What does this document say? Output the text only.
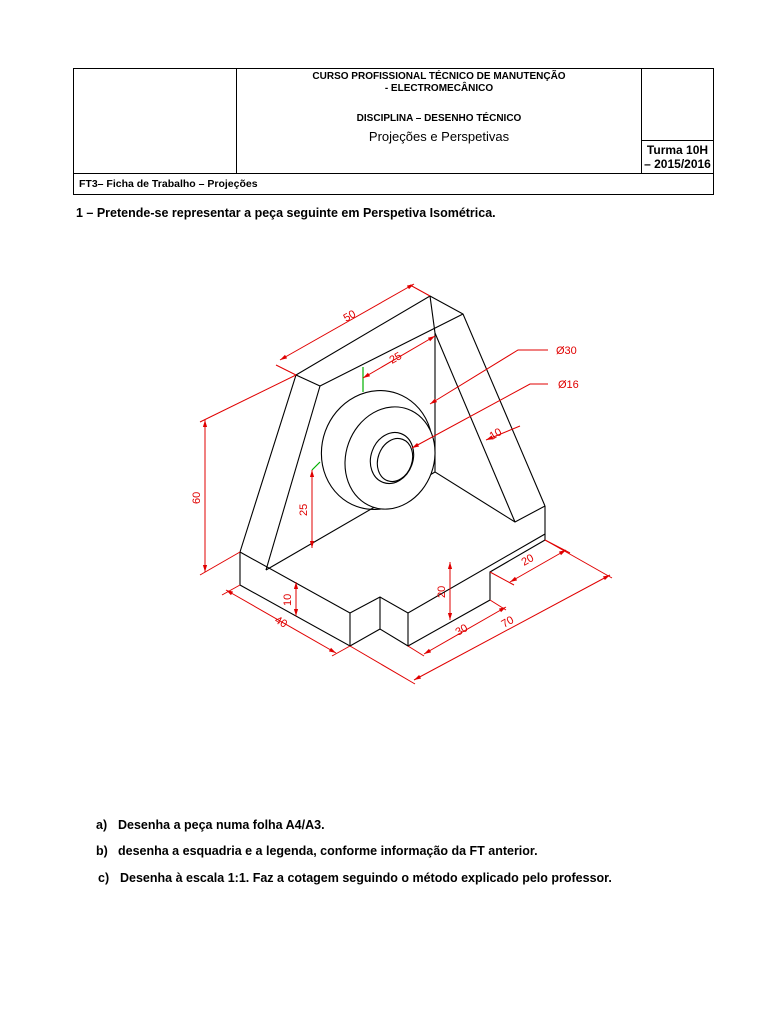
CURSO PROFISSIONAL TÉCNICO DE MANUTENÇÃO
- ELECTROMECÂNICO
DISCIPLINA – DESENHO TÉCNICO
Projeções e Perspetivas

Turma 10H – 2015/2016
FT3– Ficha de Trabalho – Projeções
1 – Pretende-se representar a peça seguinte em Perspetiva Isométrica.
50
25	Ø30
Ø16
10
60
25
10
40
20
30
20
70
a) Desenha a peça numa folha A4/A3.
b) desenha a esquadria e a legenda, conforme informação da FT anterior.
c) Desenha à escala 1:1. Faz a cotagem seguindo o método explicado pelo professor.
